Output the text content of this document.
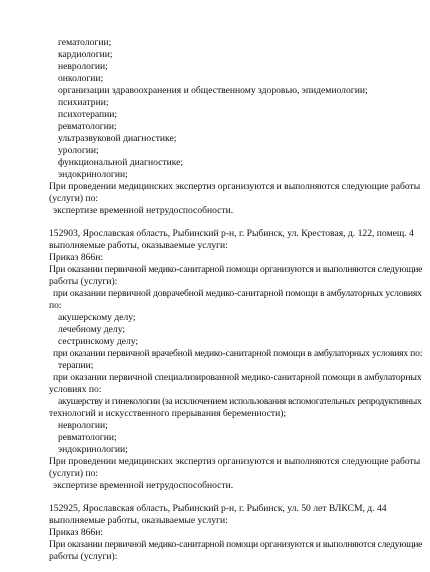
гематологии;
кардиологии;
неврологии;
онкологии;
организации здравоохранения и общественному здоровью, эпидемиологии;
психиатрии;
психотерапии;
ревматологии;
ультразвуковой диагностике;
урологии;
функциональной диагностике;
эндокринологии;
При проведении медицинских экспертиз организуются и выполняются следующие работы
(услуги) по:
экспертизе временной нетрудоспособности.
152903, Ярославская область, Рыбинский р-н, г. Рыбинск, ул. Крестовая, д. 122, помещ. 4
выполняемые работы, оказываемые услуги:
Приказ 866н:
При оказании первичной медико-санитарной помощи организуются и выполняются следующие
работы (услуги):
при оказании первичной доврачебной медико-санитарной помощи в амбулаторных условиях
по:
акушерскому делу;
лечебному делу;
сестринскому делу;
при оказании первичной врачебной медико-санитарной помощи в амбулаторных условиях по:
терапии;
при оказании первичной специализированной медико-санитарной помощи в амбулаторных
условиях по:
акушерству и гинекологии (за исключением использования вспомогательных репродуктивных
технологий и искусственного прерывания беременности);
неврологии;
ревматологии;
эндокринологии;
При проведении медицинских экспертиз организуются и выполняются следующие работы
(услуги) по:
экспертизе временной нетрудоспособности.
152925, Ярославская область, Рыбинский р-н, г. Рыбинск, ул. 50 лет ВЛКСМ, д. 44
выполняемые работы, оказываемые услуги:
Приказ 866н:
При оказании первичной медико-санитарной помощи организуются и выполняются следующие
работы (услуги):
